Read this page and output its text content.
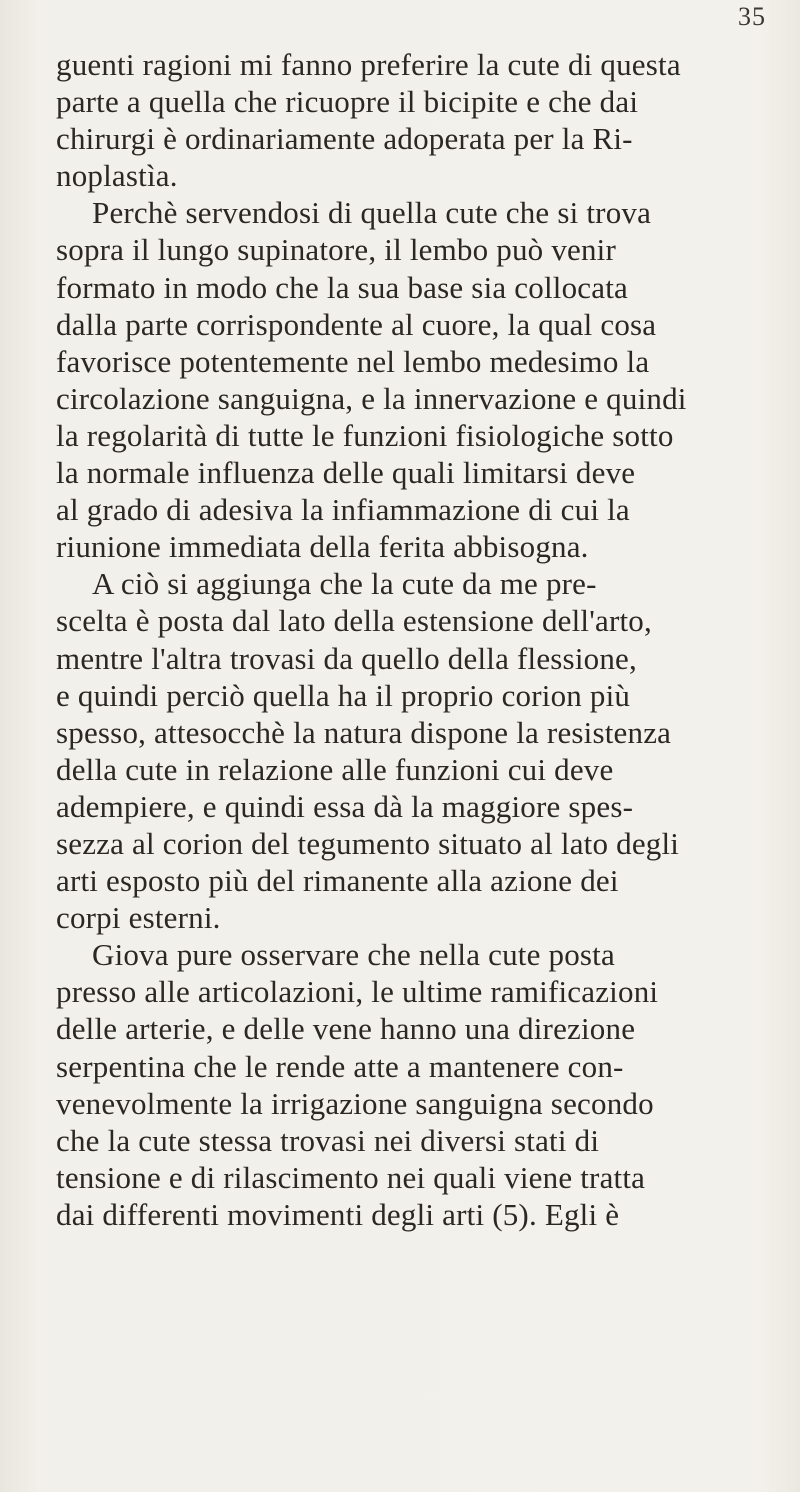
35
guenti ragioni mi fanno preferire la cute di questa
parte a quella che ricuopre il bicipite e che dai
chirurgi è ordinariamente adoperata per la Ri-
noplastìa.
Perchè servendosi di quella cute che si trova
sopra il lungo supinatore, il lembo può venir
formato in modo che la sua base sia collocata
dalla parte corrispondente al cuore, la qual cosa
favorisce potentemente nel lembo medesimo la
circolazione sanguigna, e la innervazione e quindi
la regolarità di tutte le funzioni fisiologiche sotto
la normale influenza delle quali limitarsi deve
al grado di adesiva la infiammazione di cui la
riunione immediata della ferita abbisogna.
A ciò si aggiunga che la cute da me pre-
scelta è posta dal lato della estensione dell'arto,
mentre l'altra trovasi da quello della flessione,
e quindi perciò quella ha il proprio corion più
spesso, attesocchè la natura dispone la resistenza
della cute in relazione alle funzioni cui deve
adempiere, e quindi essa dà la maggiore spes-
sezza al corion del tegumento situato al lato degli
arti esposto più del rimanente alla azione dei
corpi esterni.
Giova pure osservare che nella cute posta
presso alle articolazioni, le ultime ramificazioni
delle arterie, e delle vene hanno una direzione
serpentina che le rende atte a mantenere con-
venevolmente la irrigazione sanguigna secondo
che la cute stessa trovasi nei diversi stati di
tensione e di rilascimento nei quali viene tratta
dai differenti movimenti degli arti (5). Egli è
